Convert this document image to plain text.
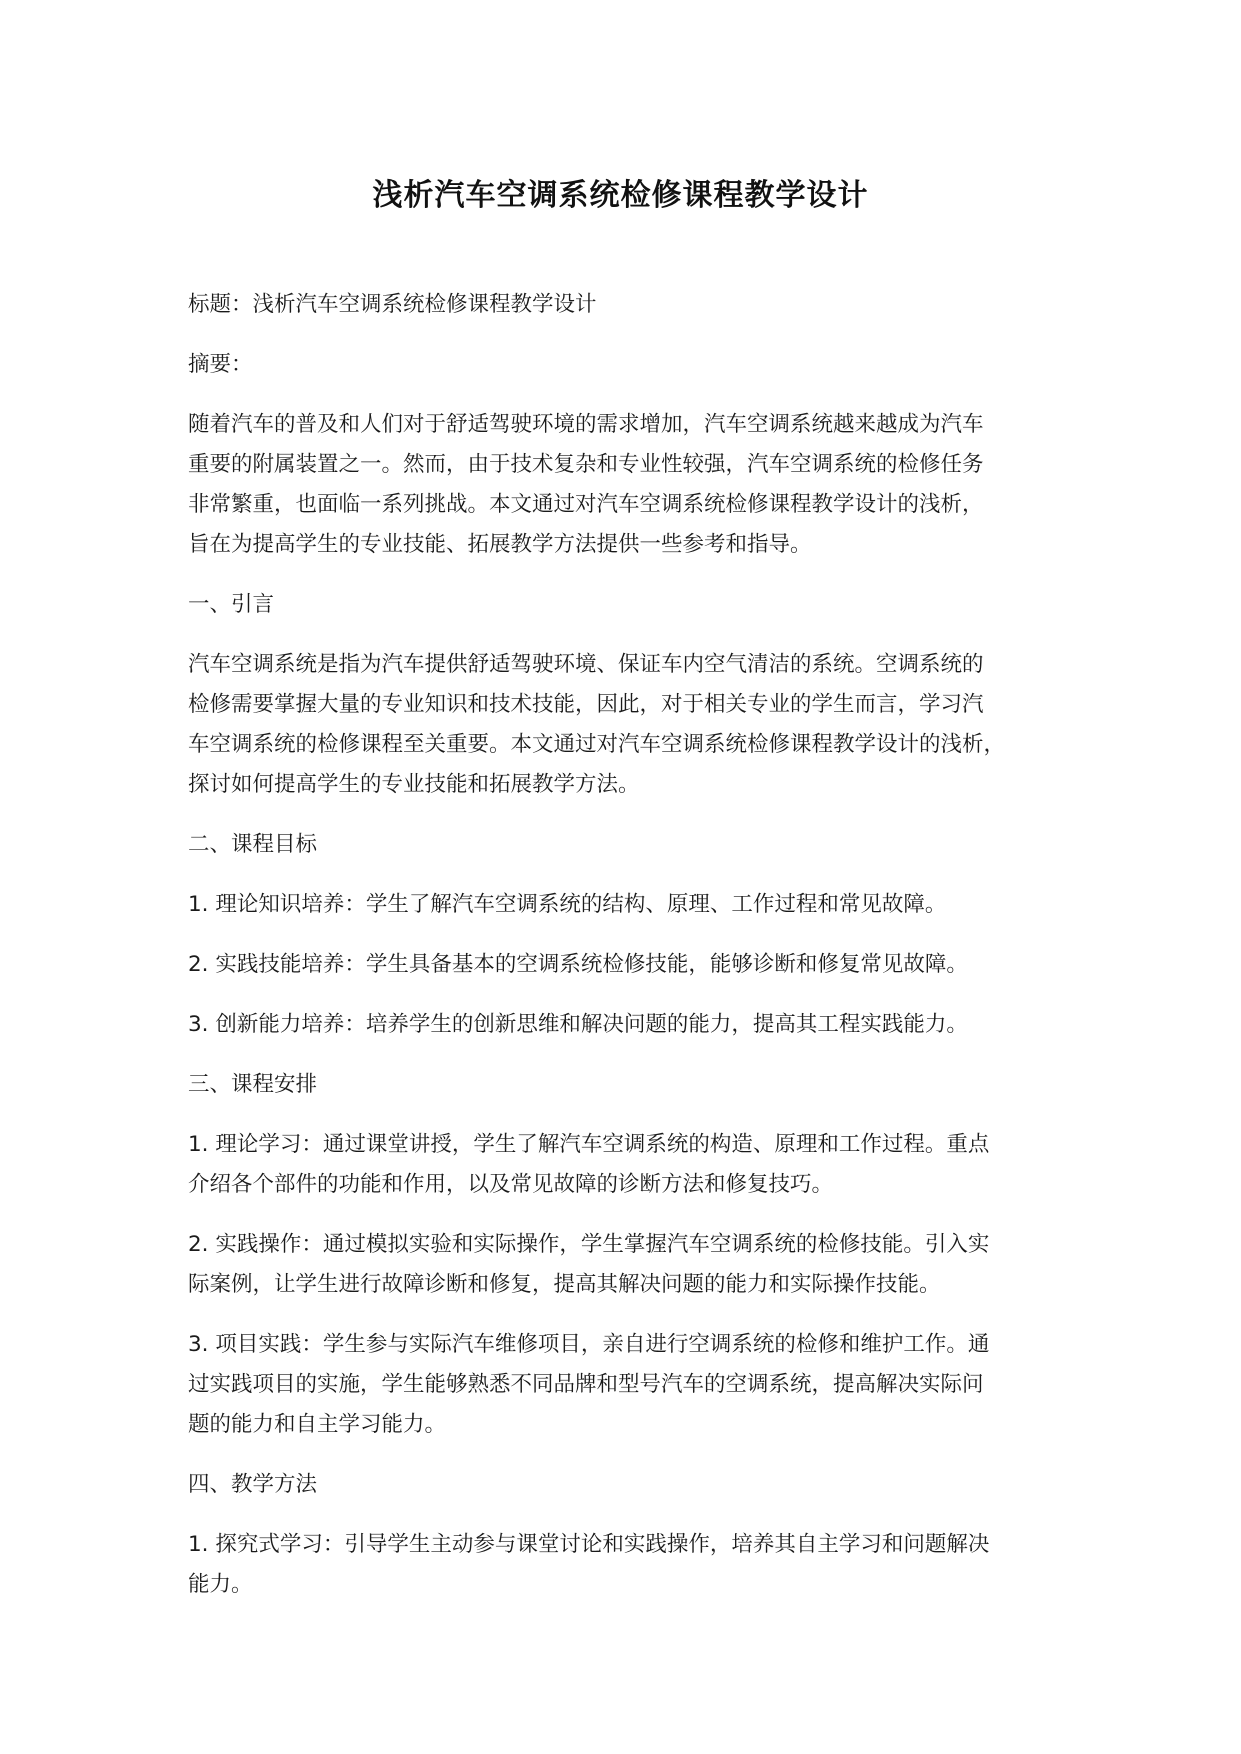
浅析汽车空调系统检修课程教学设计

标题：浅析汽车空调系统检修课程教学设计

摘要：

随着汽车的普及和人们对于舒适驾驶环境的需求增加，汽车空调系统越来越成为汽车
重要的附属装置之一。然而，由于技术复杂和专业性较强，汽车空调系统的检修任务
非常繁重，也面临一系列挑战。本文通过对汽车空调系统检修课程教学设计的浅析，
旨在为提高学生的专业技能、拓展教学方法提供一些参考和指导。

一、引言

汽车空调系统是指为汽车提供舒适驾驶环境、保证车内空气清洁的系统。空调系统的
检修需要掌握大量的专业知识和技术技能，因此，对于相关专业的学生而言，学习汽
车空调系统的检修课程至关重要。本文通过对汽车空调系统检修课程教学设计的浅析，
探讨如何提高学生的专业技能和拓展教学方法。

二、课程目标

1. 理论知识培养：学生了解汽车空调系统的结构、原理、工作过程和常见故障。

2. 实践技能培养：学生具备基本的空调系统检修技能，能够诊断和修复常见故障。

3. 创新能力培养：培养学生的创新思维和解决问题的能力，提高其工程实践能力。

三、课程安排

1. 理论学习：通过课堂讲授，学生了解汽车空调系统的构造、原理和工作过程。重点
介绍各个部件的功能和作用，以及常见故障的诊断方法和修复技巧。

2. 实践操作：通过模拟实验和实际操作，学生掌握汽车空调系统的检修技能。引入实
际案例，让学生进行故障诊断和修复，提高其解决问题的能力和实际操作技能。

3. 项目实践：学生参与实际汽车维修项目，亲自进行空调系统的检修和维护工作。通
过实践项目的实施，学生能够熟悉不同品牌和型号汽车的空调系统，提高解决实际问
题的能力和自主学习能力。

四、教学方法

1. 探究式学习：引导学生主动参与课堂讨论和实践操作，培养其自主学习和问题解决
能力。
